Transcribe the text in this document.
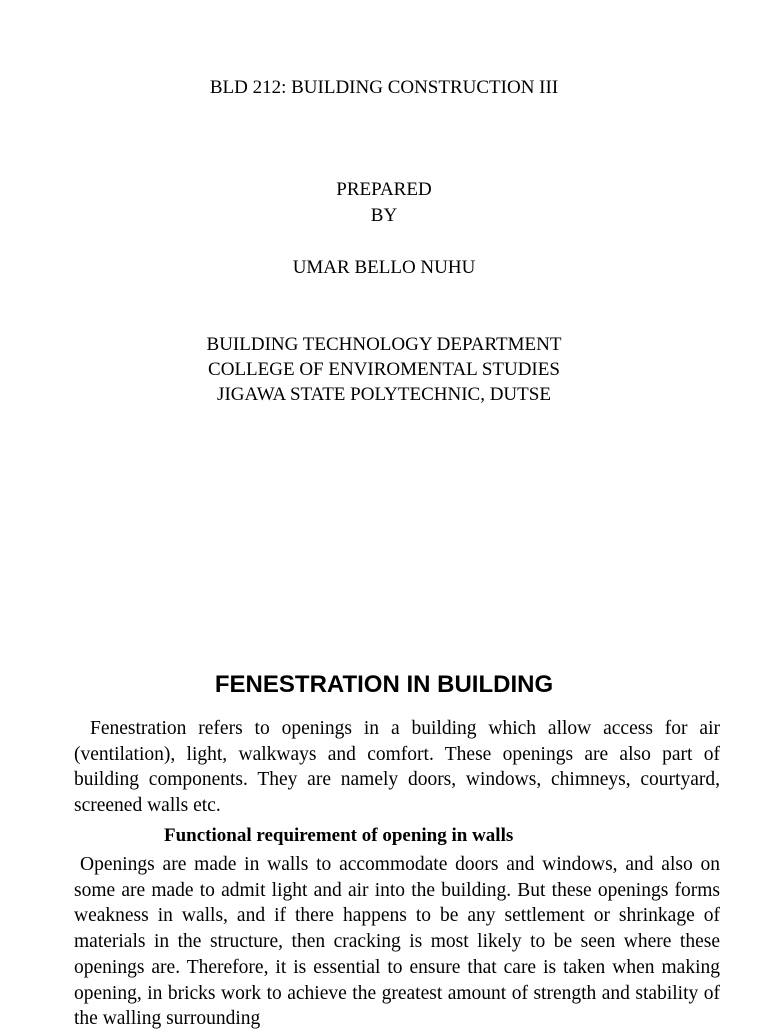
BLD 212: BUILDING CONSTRUCTION III
PREPARED
BY
UMAR BELLO NUHU
BUILDING TECHNOLOGY DEPARTMENT
COLLEGE OF ENVIROMENTAL STUDIES
JIGAWA STATE POLYTECHNIC, DUTSE
FENESTRATION IN BUILDING

Fenestration refers to openings in a building which allow access for air (ventilation), light, walkways and comfort. These openings are also part of building components. They are namely doors, windows, chimneys, courtyard, screened walls etc.

Functional requirement of opening in walls

Openings are made in walls to accommodate doors and windows, and also on some are made to admit light and air into the building. But these openings forms weakness in walls, and if there happens to be any settlement or shrinkage of materials in the structure, then cracking is most likely to be seen where these openings are. Therefore, it is essential to ensure that care is taken when making opening, in bricks work to achieve the greatest amount of strength and stability of the walling surrounding
